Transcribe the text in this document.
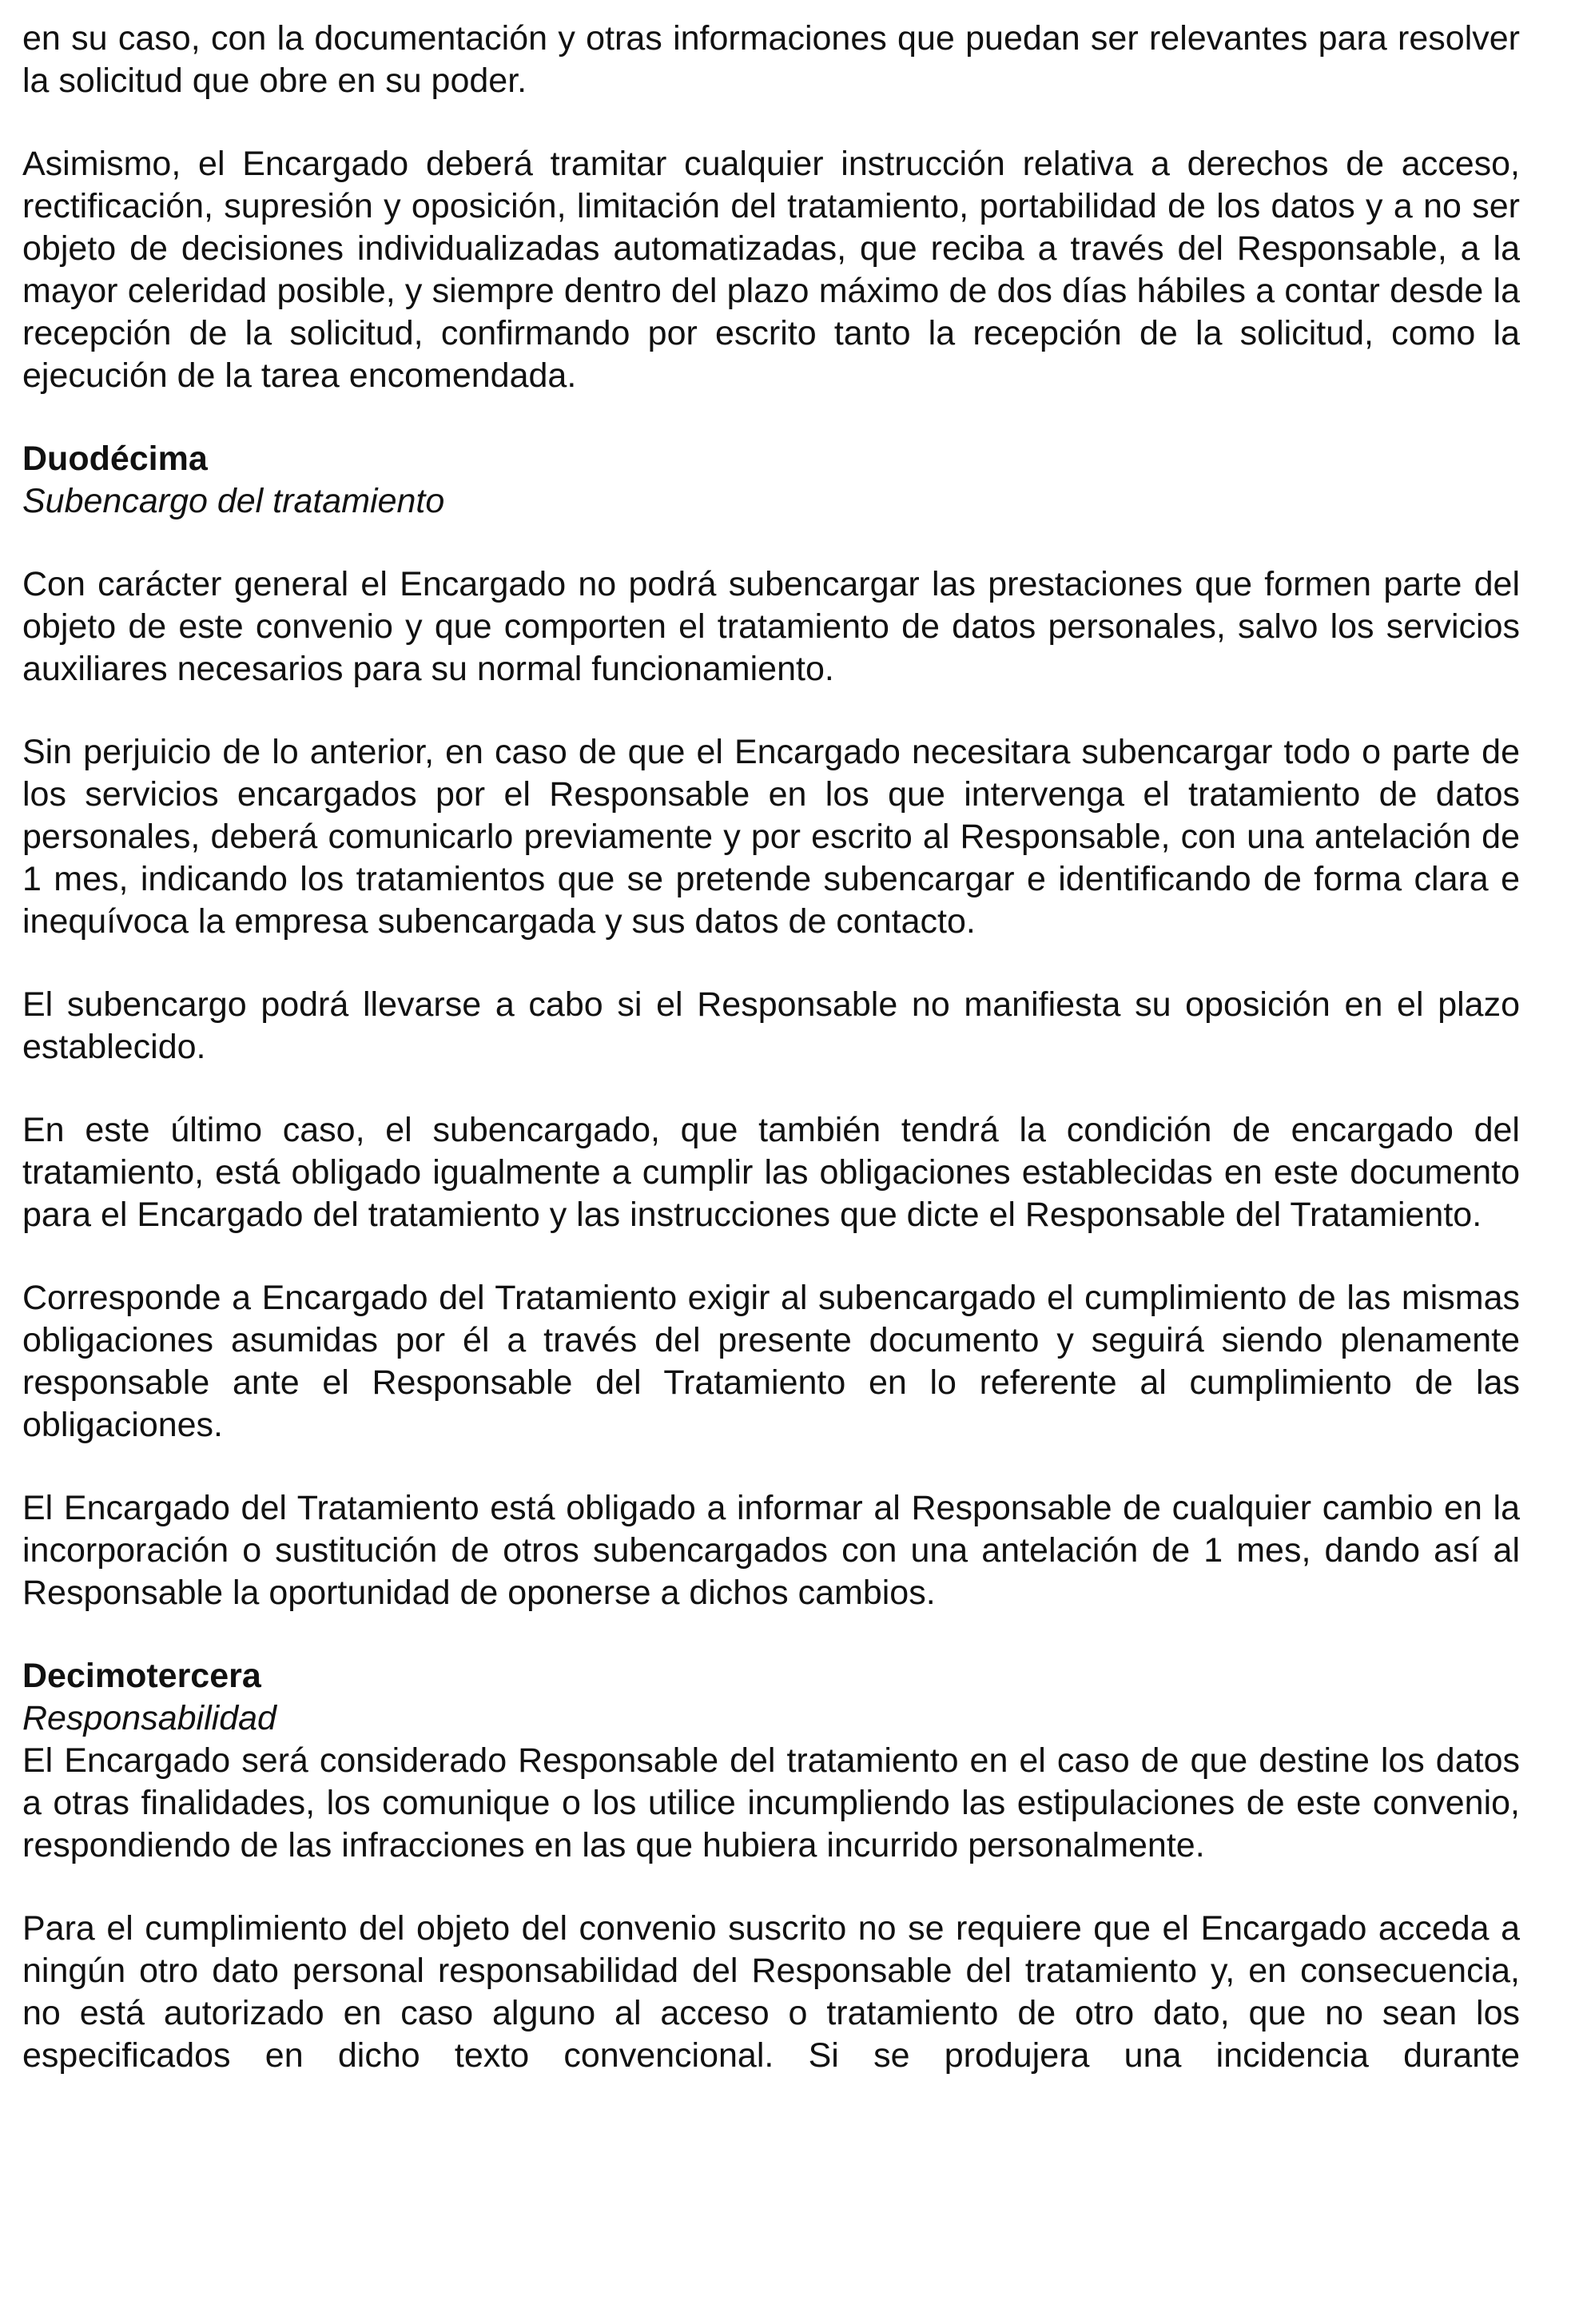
en su caso, con la documentación y otras informaciones que puedan ser relevantes para resolver la solicitud que obre en su poder.

Asimismo, el Encargado deberá tramitar cualquier instrucción relativa a derechos de acceso, rectificación, supresión y oposición, limitación del tratamiento, portabilidad de los datos y a no ser objeto de decisiones individualizadas automatizadas, que reciba a través del Responsable, a la mayor celeridad posible, y siempre dentro del plazo máximo de dos días hábiles a contar desde la recepción de la solicitud, confirmando por escrito tanto la recepción de la solicitud, como la ejecución de la tarea encomendada.

Duodécima

Subencargo del tratamiento

Con carácter general el Encargado no podrá subencargar las prestaciones que formen parte del objeto de este convenio y que comporten el tratamiento de datos personales, salvo los servicios auxiliares necesarios para su normal funcionamiento.

Sin perjuicio de lo anterior, en caso de que el Encargado necesitara subencargar todo o parte de los servicios encargados por el Responsable en los que intervenga el tratamiento de datos personales, deberá comunicarlo previamente y por escrito al Responsable, con una antelación de 1 mes, indicando los tratamientos que se pretende subencargar e identificando de forma clara e inequívoca la empresa subencargada y sus datos de contacto.

El subencargo podrá llevarse a cabo si el Responsable no manifiesta su oposición en el plazo establecido.

En este último caso, el subencargado, que también tendrá la condición de encargado del tratamiento, está obligado igualmente a cumplir las obligaciones establecidas en este documento para el Encargado del tratamiento y las instrucciones que dicte el Responsable del Tratamiento.

Corresponde a Encargado del Tratamiento exigir al subencargado el cumplimiento de las mismas obligaciones asumidas por él a través del presente documento y seguirá siendo plenamente responsable ante el Responsable del Tratamiento en lo referente al cumplimiento de las obligaciones.

El Encargado del Tratamiento está obligado a informar al Responsable de cualquier cambio en la incorporación o sustitución de otros subencargados con una antelación de 1 mes, dando así al Responsable la oportunidad de oponerse a dichos cambios.

Decimotercera

Responsabilidad

El Encargado será considerado Responsable del tratamiento en el caso de que destine los datos a otras finalidades, los comunique o los utilice incumpliendo las estipulaciones de este convenio, respondiendo de las infracciones en las que hubiera incurrido personalmente.

Para el cumplimiento del objeto del convenio suscrito no se requiere que el Encargado acceda a ningún otro dato personal responsabilidad del Responsable del tratamiento y, en consecuencia, no está autorizado en caso alguno al acceso o tratamiento de otro dato, que no sean los especificados en dicho texto convencional. Si se produjera una incidencia durante
